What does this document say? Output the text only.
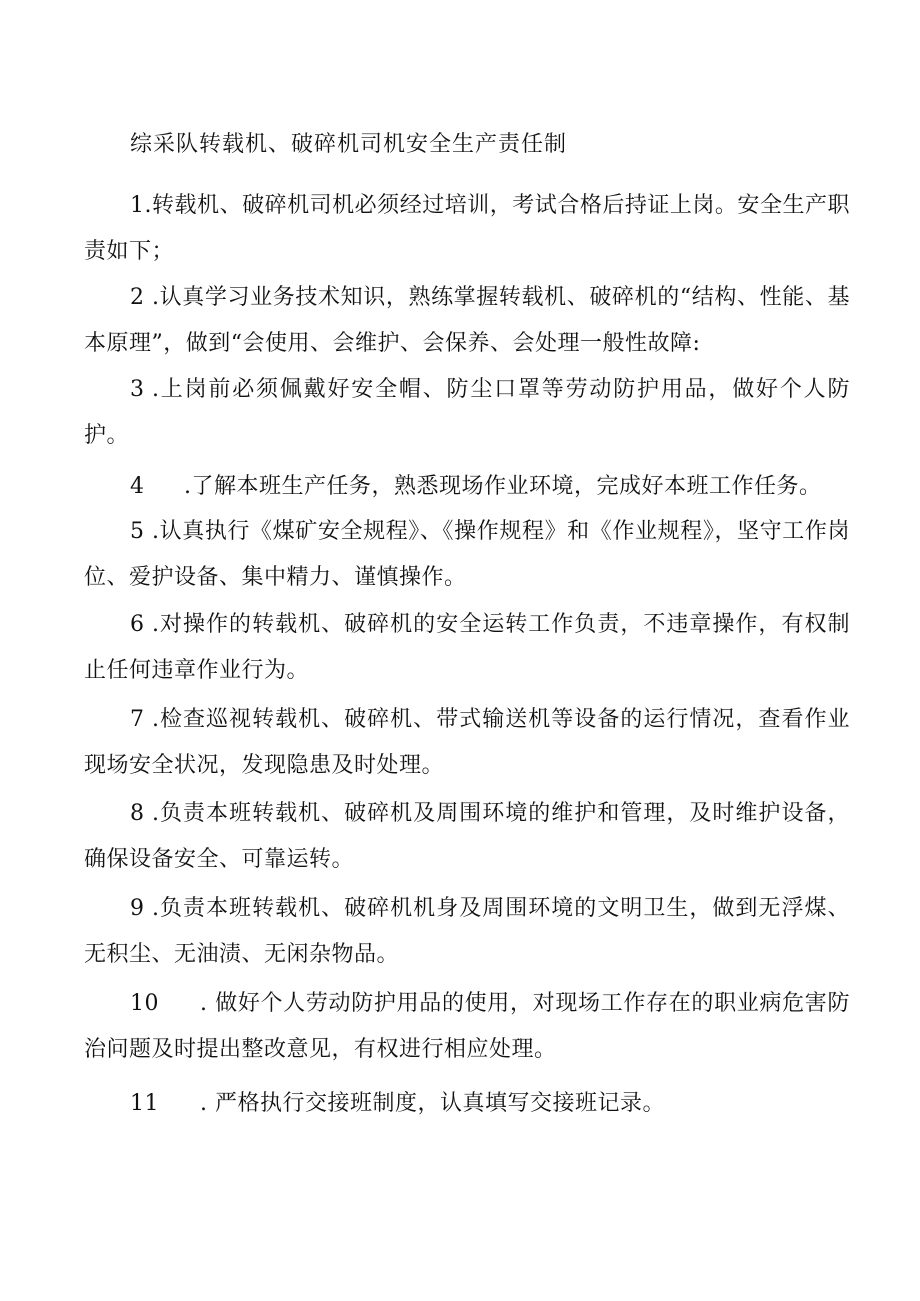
综采队转载机、破碎机司机安全生产责任制
1.转载机、破碎机司机必须经过培训，考试合格后持证上岗。安全生产职责如下；
2 .认真学习业务技术知识，熟练掌握转载机、破碎机的“结构、性能、基本原理”，做到“会使用、会维护、会保养、会处理一般性故障:
3 .上岗前必须佩戴好安全帽、防尘口罩等劳动防护用品，做好个人防护。
4 .了解本班生产任务，熟悉现场作业环境，完成好本班工作任务。
5 .认真执行《煤矿安全规程》、《操作规程》和《作业规程》，坚守工作岗位、爱护设备、集中精力、谨慎操作。
6 .对操作的转载机、破碎机的安全运转工作负责，不违章操作，有权制止任何违章作业行为。
7 .检查巡视转载机、破碎机、带式输送机等设备的运行情况，查看作业现场安全状况，发现隐患及时处理。
8 .负责本班转载机、破碎机及周围环境的维护和管理，及时维护设备，确保设备安全、可靠运转。
9 .负责本班转载机、破碎机机身及周围环境的文明卫生，做到无浮煤、无积尘、无油渍、无闲杂物品。
10 . 做好个人劳动防护用品的使用，对现场工作存在的职业病危害防治问题及时提出整改意见，有权进行相应处理。
11 . 严格执行交接班制度，认真填写交接班记录。
